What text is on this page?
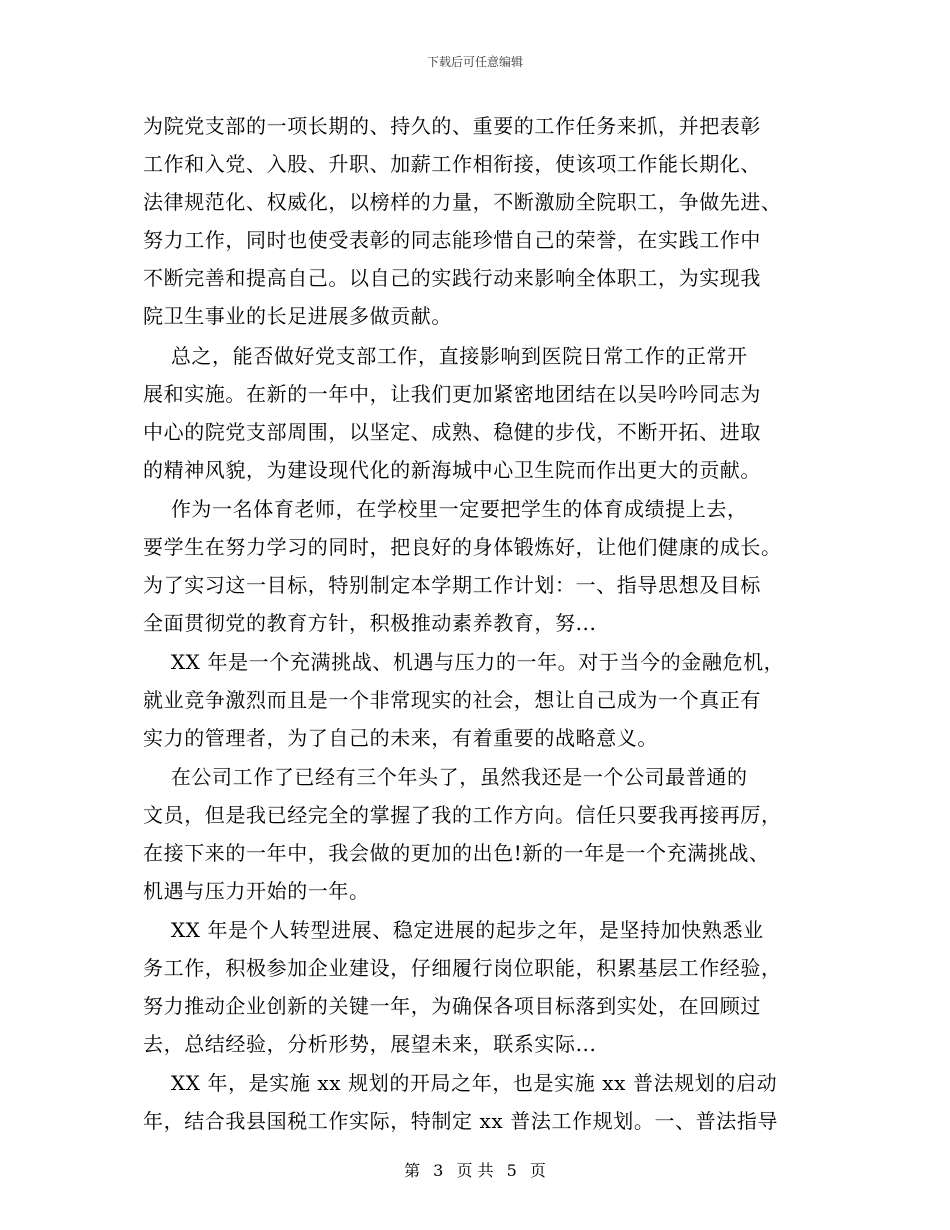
下载后可任意编辑
为院党支部的一项长期的、持久的、重要的工作任务来抓，并把表彰
工作和入党、入股、升职、加薪工作相衔接，使该项工作能长期化、
法律规范化、权威化，以榜样的力量，不断激励全院职工，争做先进、
努力工作，同时也使受表彰的同志能珍惜自己的荣誉，在实践工作中
不断完善和提高自己。以自己的实践行动来影响全体职工，为实现我
院卫生事业的长足进展多做贡献。
总之，能否做好党支部工作，直接影响到医院日常工作的正常开
展和实施。在新的一年中，让我们更加紧密地团结在以吴吟吟同志为
中心的院党支部周围，以坚定、成熟、稳健的步伐，不断开拓、进取
的精神风貌，为建设现代化的新海城中心卫生院而作出更大的贡献。
作为一名体育老师，在学校里一定要把学生的体育成绩提上去，
要学生在努力学习的同时，把良好的身体锻炼好，让他们健康的成长。
为了实习这一目标，特别制定本学期工作计划：一、指导思想及目标
全面贯彻党的教育方针，积极推动素养教育，努...
XX 年是一个充满挑战、机遇与压力的一年。对于当今的金融危机，
就业竞争激烈而且是一个非常现实的社会，想让自己成为一个真正有
实力的管理者，为了自己的未来，有着重要的战略意义。
在公司工作了已经有三个年头了，虽然我还是一个公司最普通的
文员，但是我已经完全的掌握了我的工作方向。信任只要我再接再厉，
在接下来的一年中，我会做的更加的出色!新的一年是一个充满挑战、
机遇与压力开始的一年。
XX 年是个人转型进展、稳定进展的起步之年，是坚持加快熟悉业
务工作，积极参加企业建设，仔细履行岗位职能，积累基层工作经验，
努力推动企业创新的关键一年，为确保各项目标落到实处，在回顾过
去，总结经验，分析形势，展望未来，联系实际...
XX 年，是实施 xx 规划的开局之年，也是实施 xx 普法规划的启动
年，结合我县国税工作实际，特制定 xx 普法工作规划。一、普法指导
第 3 页 共 5 页
